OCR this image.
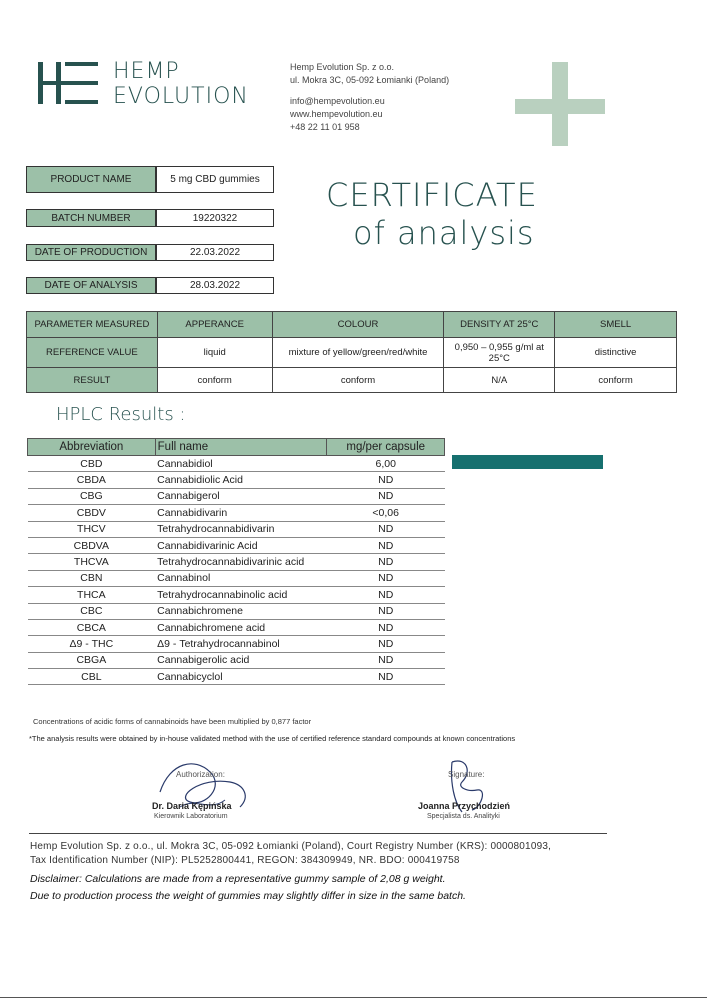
HEMP
EVOLUTION
Hemp Evolution Sp. z o.o.
ul. Mokra 3C, 05-092 Łomianki (Poland)
info@hempevolution.eu
www.hempevolution.eu
+48 22 11 01 958
PRODUCT NAME	5 mg CBD gummies
BATCH NUMBER	19220322
DATE OF PRODUCTION	22.03.2022
DATE OF ANALYSIS	28.03.2022
CERTIFICATE
of analysis
PARAMETER MEASURED	APPERANCE	COLOUR	DENSITY AT 25°C	SMELL
REFERENCE VALUE	liquid	mixture of yellow/green/red/white	0,950 – 0,955 g/ml at 25°C	distinctive
RESULT	conform	conform	N/A	conform
HPLC Results :
Abbreviation	Full name	mg/per capsule
CBD	Cannabidiol	6,00
CBDA	Cannabidiolic Acid	ND
CBG	Cannabigerol	ND
CBDV	Cannabidivarin	<0,06
THCV	Tetrahydrocannabidivarin	ND
CBDVA	Cannabidivarinic Acid	ND
THCVA	Tetrahydrocannabidivarinic acid	ND
CBN	Cannabinol	ND
THCA	Tetrahydrocannabinolic acid	ND
CBC	Cannabichromene	ND
CBCA	Cannabichromene acid	ND
Δ9 - THC	Δ9 - Tetrahydrocannabinol	ND
CBGA	Cannabigerolic acid	ND
CBL	Cannabicyclol	ND
Concentrations of acidic forms of cannabinoids have been multiplied by 0,877 factor
*The analysis results were obtained by in-house validated method with the use of certified reference standard compounds at known concentrations
Authorization:
Dr. Daria Kępińska
Kierownik Laboratorium
Signature:
Joanna Przychodzień
Specjalista ds. Analityki
Hemp Evolution Sp. z o.o., ul. Mokra 3C, 05-092 Łomianki (Poland), Court Registry Number (KRS): 0000801093,
Tax Identification Number (NIP): PL5252800441, REGON: 384309949, NR. BDO: 000419758
Disclaimer: Calculations are made from a representative gummy sample of 2,08 g weight.
Due to production process the weight of gummies may slightly differ in size in the same batch.
